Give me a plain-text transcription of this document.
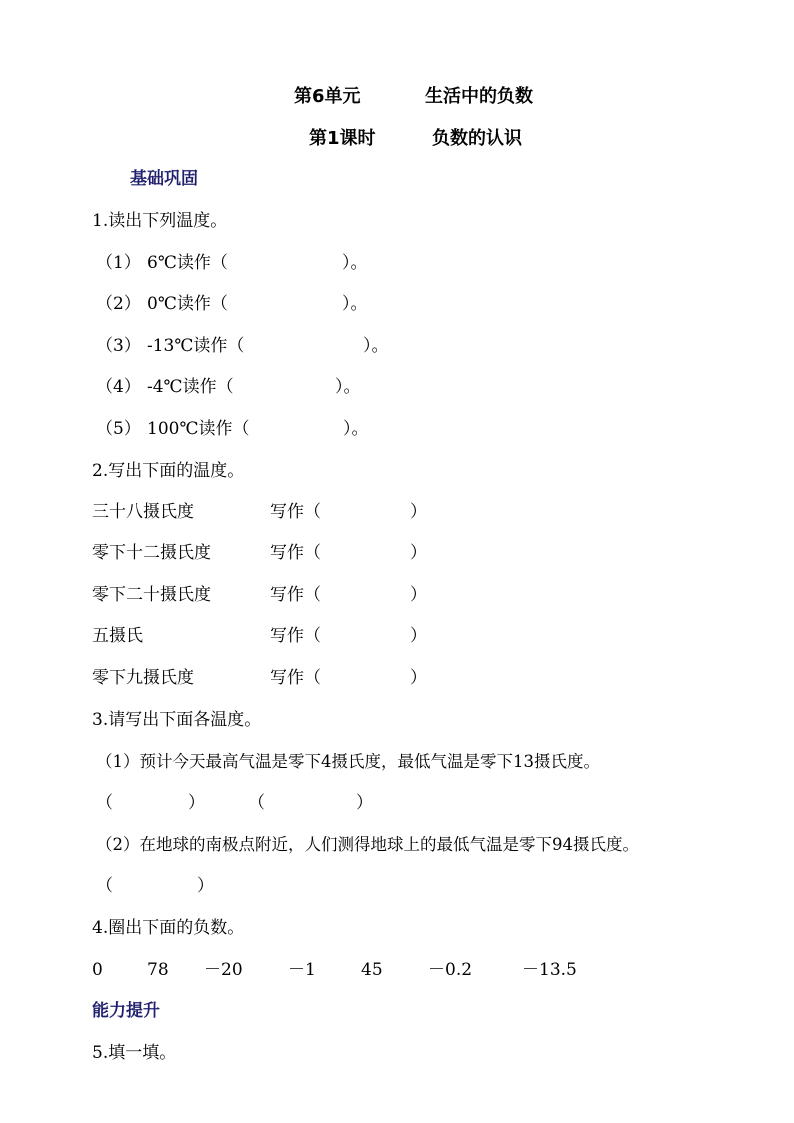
第6单元	生活中的负数
第1课时	负数的认识
基础巩固
1.读出下列温度。
（1） 6℃读作（	）。
（2） 0℃读作（	）。
（3） -13℃读作（	）。
（4） -4℃读作（	）。
（5） 100℃读作（	）。
2.写出下面的温度。
三十八摄氏度	写作（	）
零下十二摄氏度	写作（	）
零下二十摄氏度	写作（	）
五摄氏	写作（	）
零下九摄氏度	写作（	）
3.请写出下面各温度。
（1）预计今天最高气温是零下4摄氏度，最低气温是零下13摄氏度。
（	）	（	）
（2）在地球的南极点附近，人们测得地球上的最低气温是零下94摄氏度。
（	）
4.圈出下面的负数。
0	78 －20	－1	45	－0.2	－13.5
能力提升
5.填一填。
